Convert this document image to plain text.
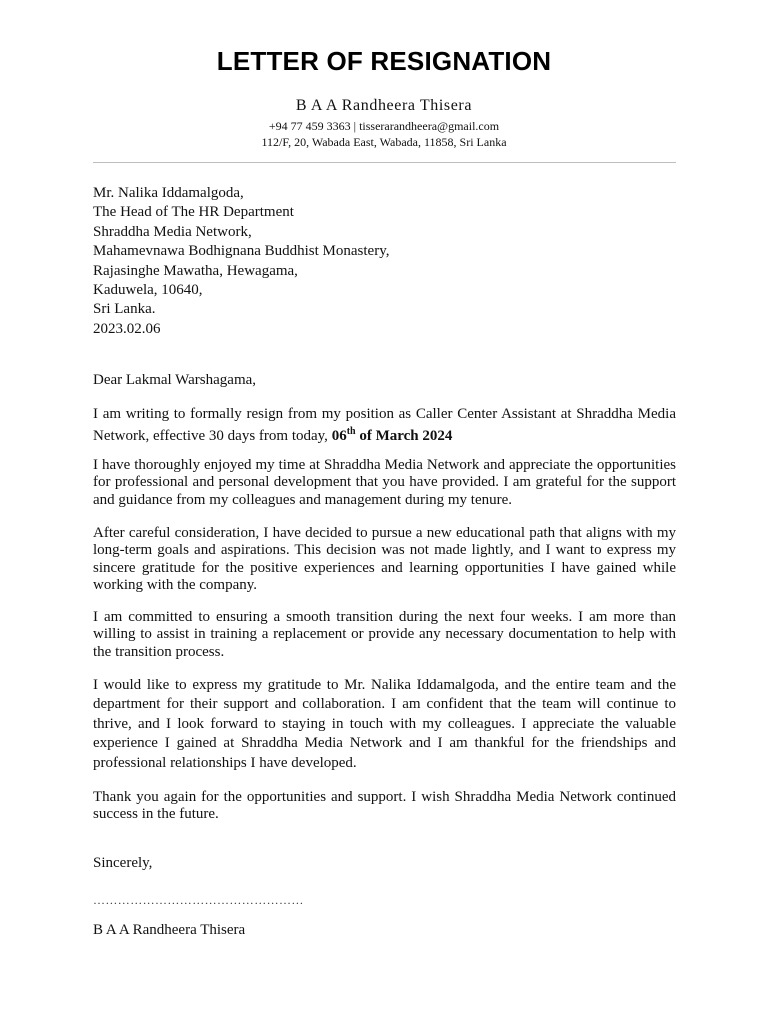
LETTER OF RESIGNATION
B A A Randheera Thisera
+94 77 459 3363 | tisserarandheera@gmail.com
112/F, 20, Wabada East, Wabada, 11858, Sri Lanka
Mr. Nalika Iddamalgoda,
The Head of The HR Department
Shraddha Media Network,
Mahamevnawa Bodhignana Buddhist Monastery,
Rajasinghe Mawatha, Hewagama,
Kaduwela, 10640,
Sri Lanka.
2023.02.06
Dear Lakmal Warshagama,

I am writing to formally resign from my position as Caller Center Assistant at Shraddha Media Network, effective 30 days from today, 06th of March 2024

I have thoroughly enjoyed my time at Shraddha Media Network and appreciate the opportunities for professional and personal development that you have provided. I am grateful for the support and guidance from my colleagues and management during my tenure.

After careful consideration, I have decided to pursue a new educational path that aligns with my long-term goals and aspirations. This decision was not made lightly, and I want to express my sincere gratitude for the positive experiences and learning opportunities I have gained while working with the company.

I am committed to ensuring a smooth transition during the next four weeks. I am more than willing to assist in training a replacement or provide any necessary documentation to help with the transition process.

I would like to express my gratitude to Mr. Nalika Iddamalgoda, and the entire team and the department for their support and collaboration. I am confident that the team will continue to thrive, and I look forward to staying in touch with my colleagues. I appreciate the valuable experience I gained at Shraddha Media Network and I am thankful for the friendships and professional relationships I have developed.

Thank you again for the opportunities and support. I wish Shraddha Media Network continued success in the future.

Sincerely,
……………………………………………
B A A Randheera Thisera
